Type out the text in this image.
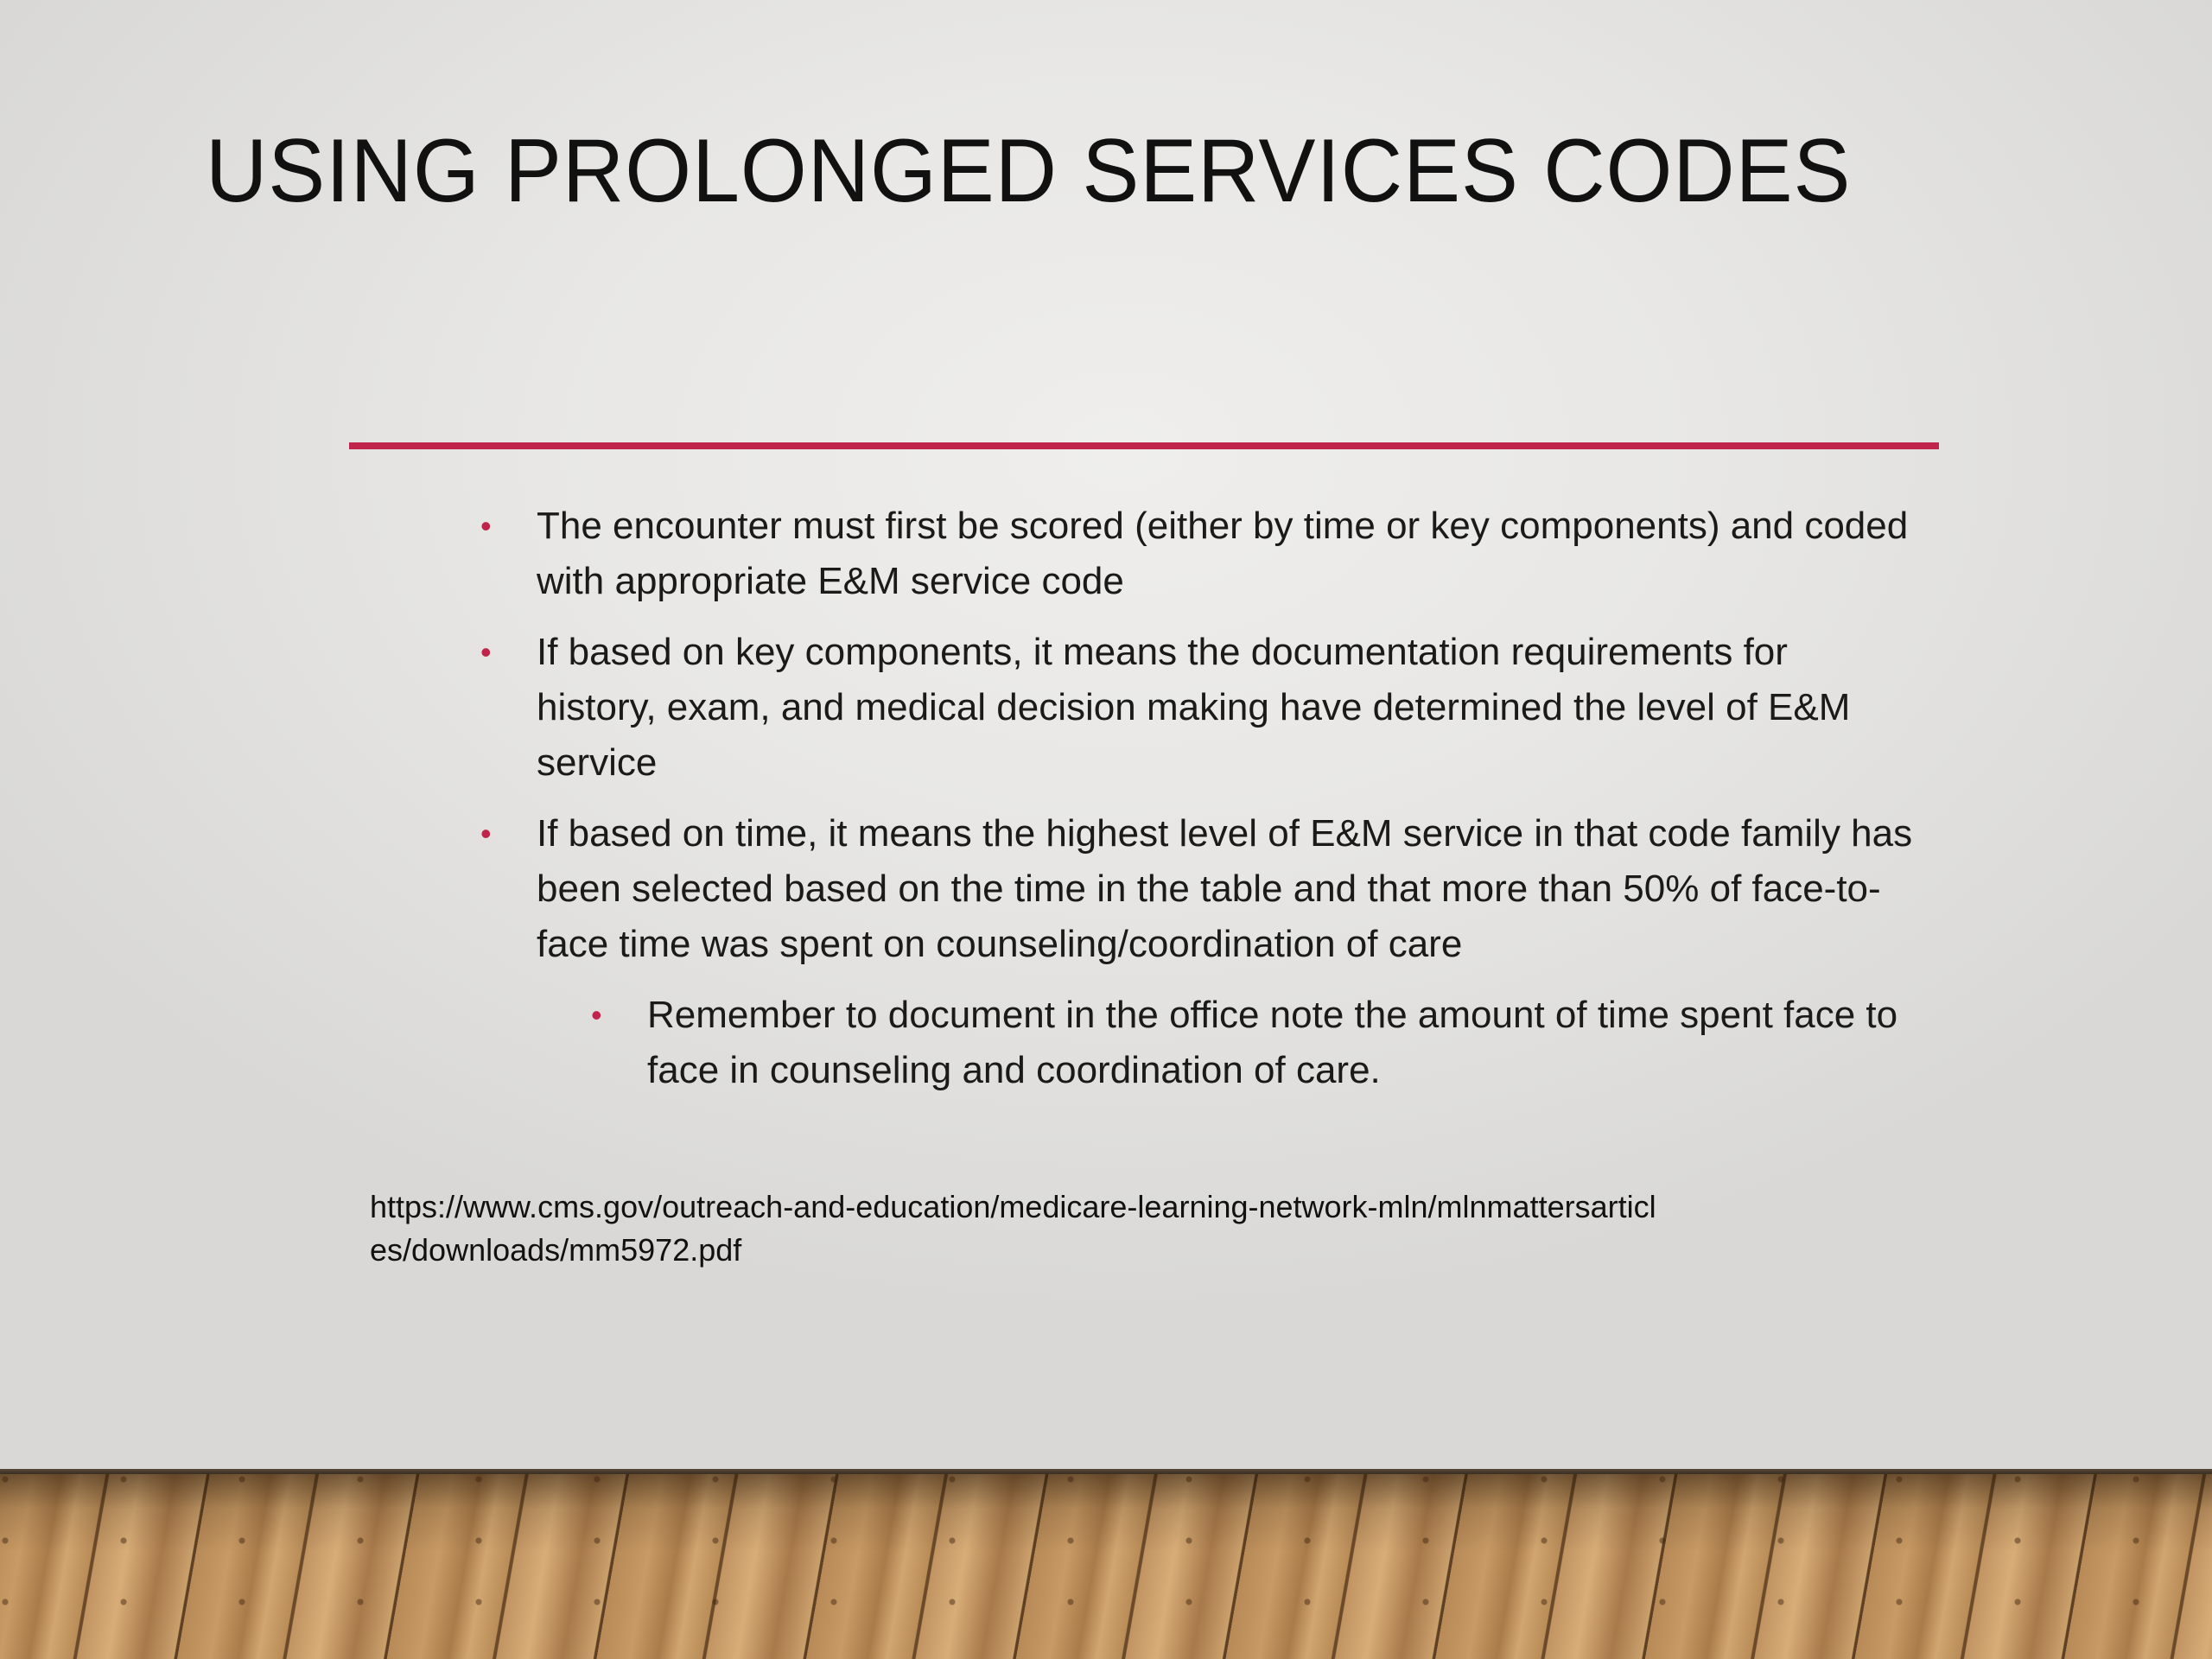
USING PROLONGED SERVICES CODES
• The encounter must first be scored (either by time or key components) and coded with appropriate E&M service code
• If based on key components, it means the documentation requirements for history, exam, and medical decision making have determined the level of E&M service
• If based on time, it means the highest level of E&M service in that code family has been selected based on the time in the table and that more than 50% of face-to-face time was spent on counseling/coordination of care
• Remember to document in the office note the amount of time spent face to face in counseling and coordination of care.
https://www.cms.gov/outreach-and-education/medicare-learning-network-mln/mlnmattersarticles/downloads/mm5972.pdf
